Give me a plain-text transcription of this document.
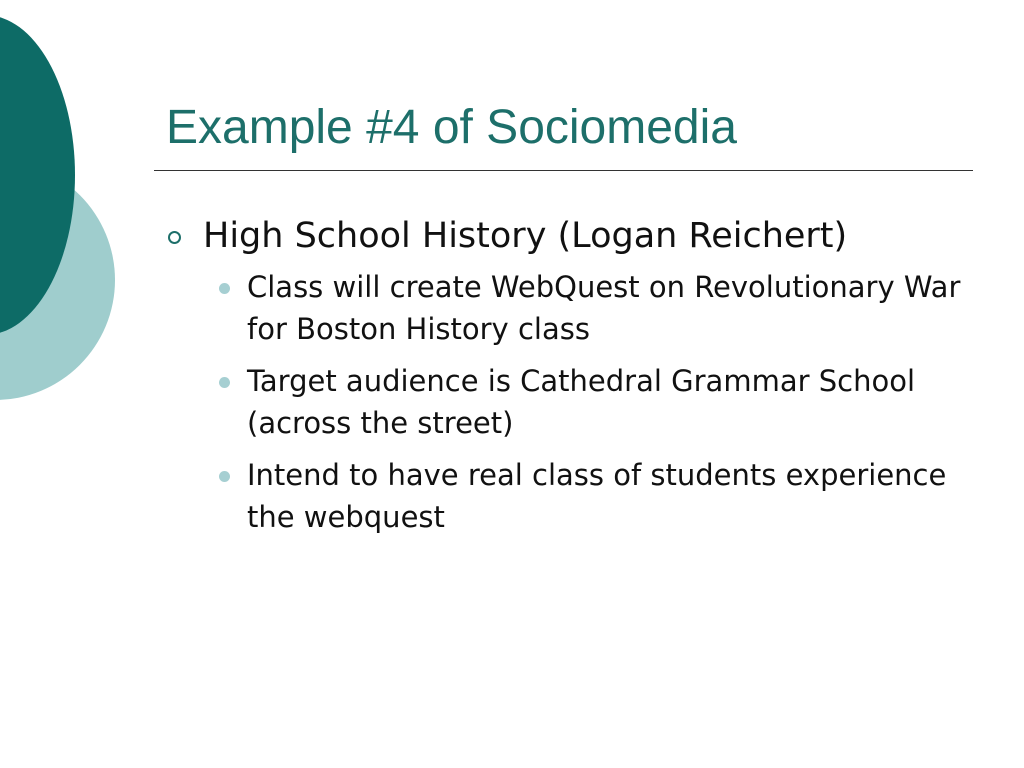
Example #4 of Sociomedia
High School History (Logan Reichert)
Class will create WebQuest on Revolutionary War for Boston History class
Target audience is Cathedral Grammar School (across the street)
Intend to have real class of students experience the webquest
